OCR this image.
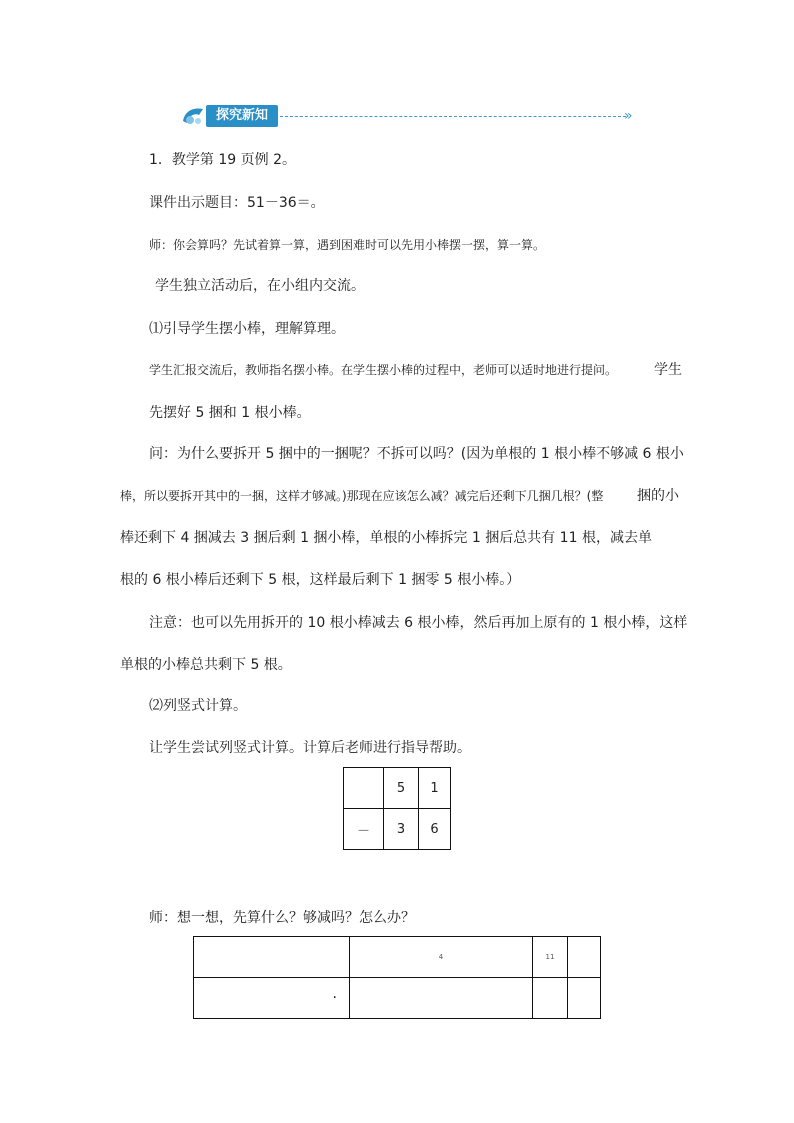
探究新知	»
1．教学第 19 页例 2。
课件出示题目：51－36＝。
师：你会算吗？先试着算一算，遇到困难时可以先用小棒摆一摆，算一算。
学生独立活动后，在小组内交流。
⑴引导学生摆小棒，理解算理。
学生汇报交流后，教师指名摆小棒。在学生摆小棒的过程中，老师可以适时地进行提问。	学生
先摆好 5 捆和 1 根小棒。
问：为什么要拆开 5 捆中的一捆呢？不拆可以吗？(因为单根的 1 根小棒不够减 6 根小
棒，所以要拆开其中的一捆，这样才够减。)那现在应该怎么减？减完后还剩下几捆几根？(整 捆的小
棒还剩下 4 捆减去 3 捆后剩 1 捆小棒，单根的小棒拆完 1 捆后总共有 11 根，减去单
根的 6 根小棒后还剩下 5 根，这样最后剩下 1 捆零 5 根小棒。）
注意：也可以先用拆开的 10 根小棒减去 6 根小棒，然后再加上原有的 1 根小棒，这样
单根的小棒总共剩下 5 根。
⑵列竖式计算。
让学生尝试列竖式计算。计算后老师进行指导帮助。
	5	1
－	3	6
师：想一想，先算什么？够减吗？怎么办？
	4	11	
·			
